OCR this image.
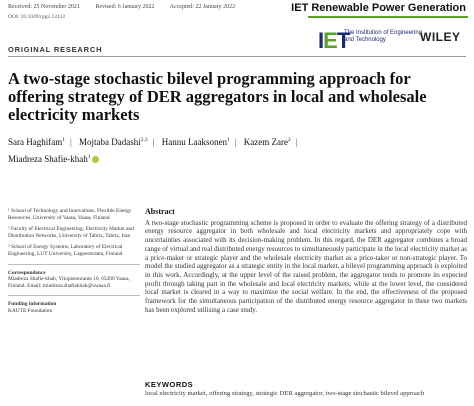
Received: 25 November 2021	Revised: 6 January 2022	Accepted: 22 January 2022
DOI: 10.1049/rpg2.12412
IET Renewable Power Generation
IET
The Institution of Engineering and Technology	WILEY
ORIGINAL RESEARCH
A two-stage stochastic bilevel programming approach for offering strategy of DER aggregators in local and wholesale electricity markets
Sara Haghifam$^1$ | Mojtaba Dadashi$^{2,3}$ | Hannu Laaksonen$^1$ | Kazem Zare$^2$ |
Miadreza Shafie-khah$^1$
¹ School of Technology and Innovations, Flexible Energy Resources, University of Vaasa, Vaasa, Finland
² Faculty of Electrical Engineering, Electricity Market and Distribution Networks, University of Tabriz, Tabriz, Iran
³ School of Energy Systems, Laboratory of Electrical Engineering, LUT University, Lappeenranta, Finland
Correspondence
Miadreza Shafie-khah, Yliopistonranta 10, 65200 Vaasa, Finland. Email: miadreza.shafiekhah@uwasa.fi
Funding information
KAUTE Foundation
Abstract
A two-stage stochastic programming scheme is proposed in order to evaluate the offering strategy of a distributed energy resource aggregator in both wholesale and local electricity markets and appropriately cope with uncertainties associated with its decision-making problem. In this regard, the DER aggregator combines a broad range of virtual and real distributed energy resources to simultaneously participate in the local electricity market as a price-maker or strategic player and the wholesale electricity market as a price-taker or non-strategic player. To model the studied aggregator as a strategic entity in the local market, a bilevel programming approach is exploited in this work. Accordingly, at the upper level of the raised problem, the aggregator tends to promote its expected profit through taking part in the wholesale and local electricity markets, while at the lower level, the considered local market is cleared in a way to maximise the social welfare. In the end, the effectiveness of the proposed framework for the simultaneous participation of the distributed energy resource aggregator in these two markets has been explored utilising a case study.
KEYWORDS
local electricity market, offering strategy, strategic DER aggregator, two-stage stochastic bilevel approach
